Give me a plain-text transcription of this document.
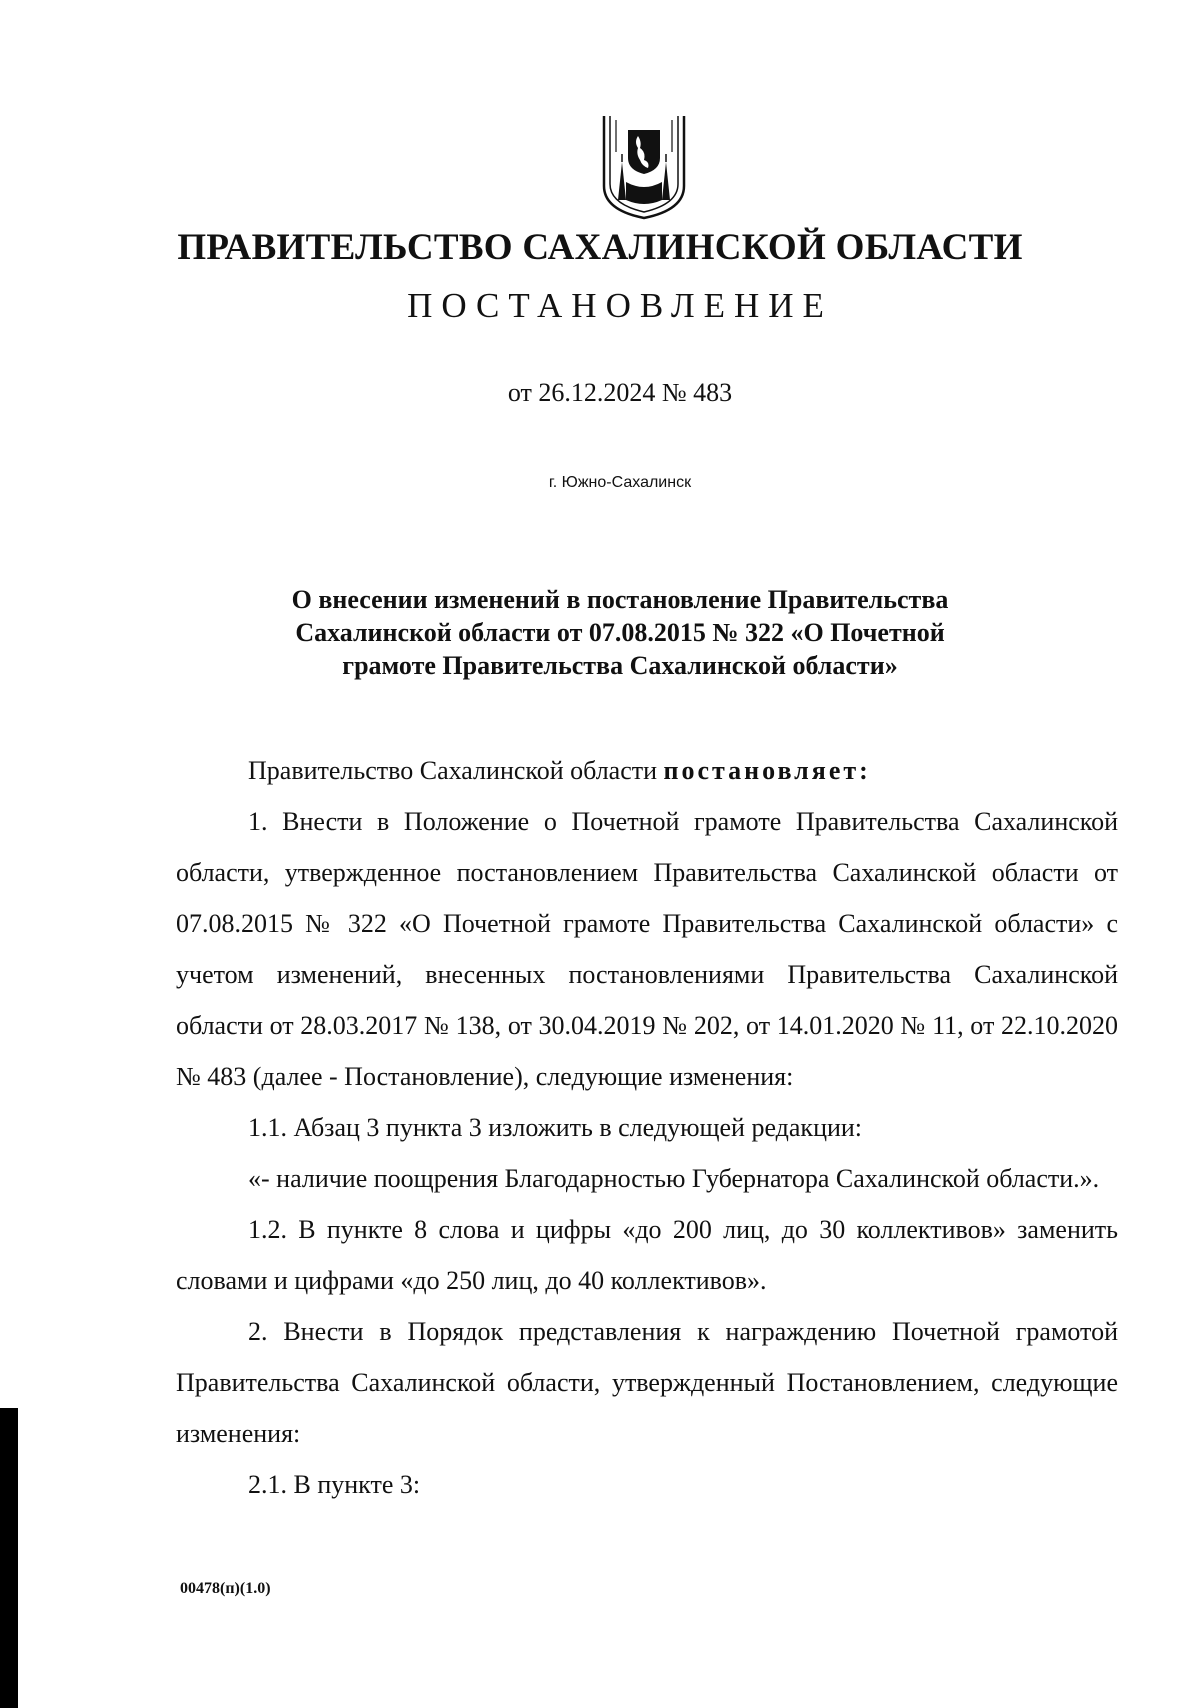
ПРАВИТЕЛЬСТВО САХАЛИНСКОЙ ОБЛАСТИ
ПОСТАНОВЛЕНИЕ
от 26.12.2024 № 483
г. Южно-Сахалинск
О внесении изменений в постановление Правительства
Сахалинской области от 07.08.2015 № 322 «О Почетной
грамоте Правительства Сахалинской области»

Правительство Сахалинской области постановляет:

1. Внести в Положение о Почетной грамоте Правительства Сахалинской области, утвержденное постановлением Правительства Сахалинской области от 07.08.2015 № 322 «О Почетной грамоте Правительства Сахалинской области» с учетом изменений, внесенных постановлениями Правительства Сахалинской области от 28.03.2017 № 138, от 30.04.2019 № 202, от 14.01.2020 № 11, от 22.10.2020 № 483 (далее - Постановление), следующие изменения:

1.1. Абзац 3 пункта 3 изложить в следующей редакции:

«- наличие поощрения Благодарностью Губернатора Сахалинской области.».

1.2. В пункте 8 слова и цифры «до 200 лиц, до 30 коллективов» заменить словами и цифрами «до 250 лиц, до 40 коллективов».

2. Внести в Порядок представления к награждению Почетной грамотой Правительства Сахалинской области, утвержденный Постановлением, следующие изменения:

2.1. В пункте 3:

00478(п)(1.0)
